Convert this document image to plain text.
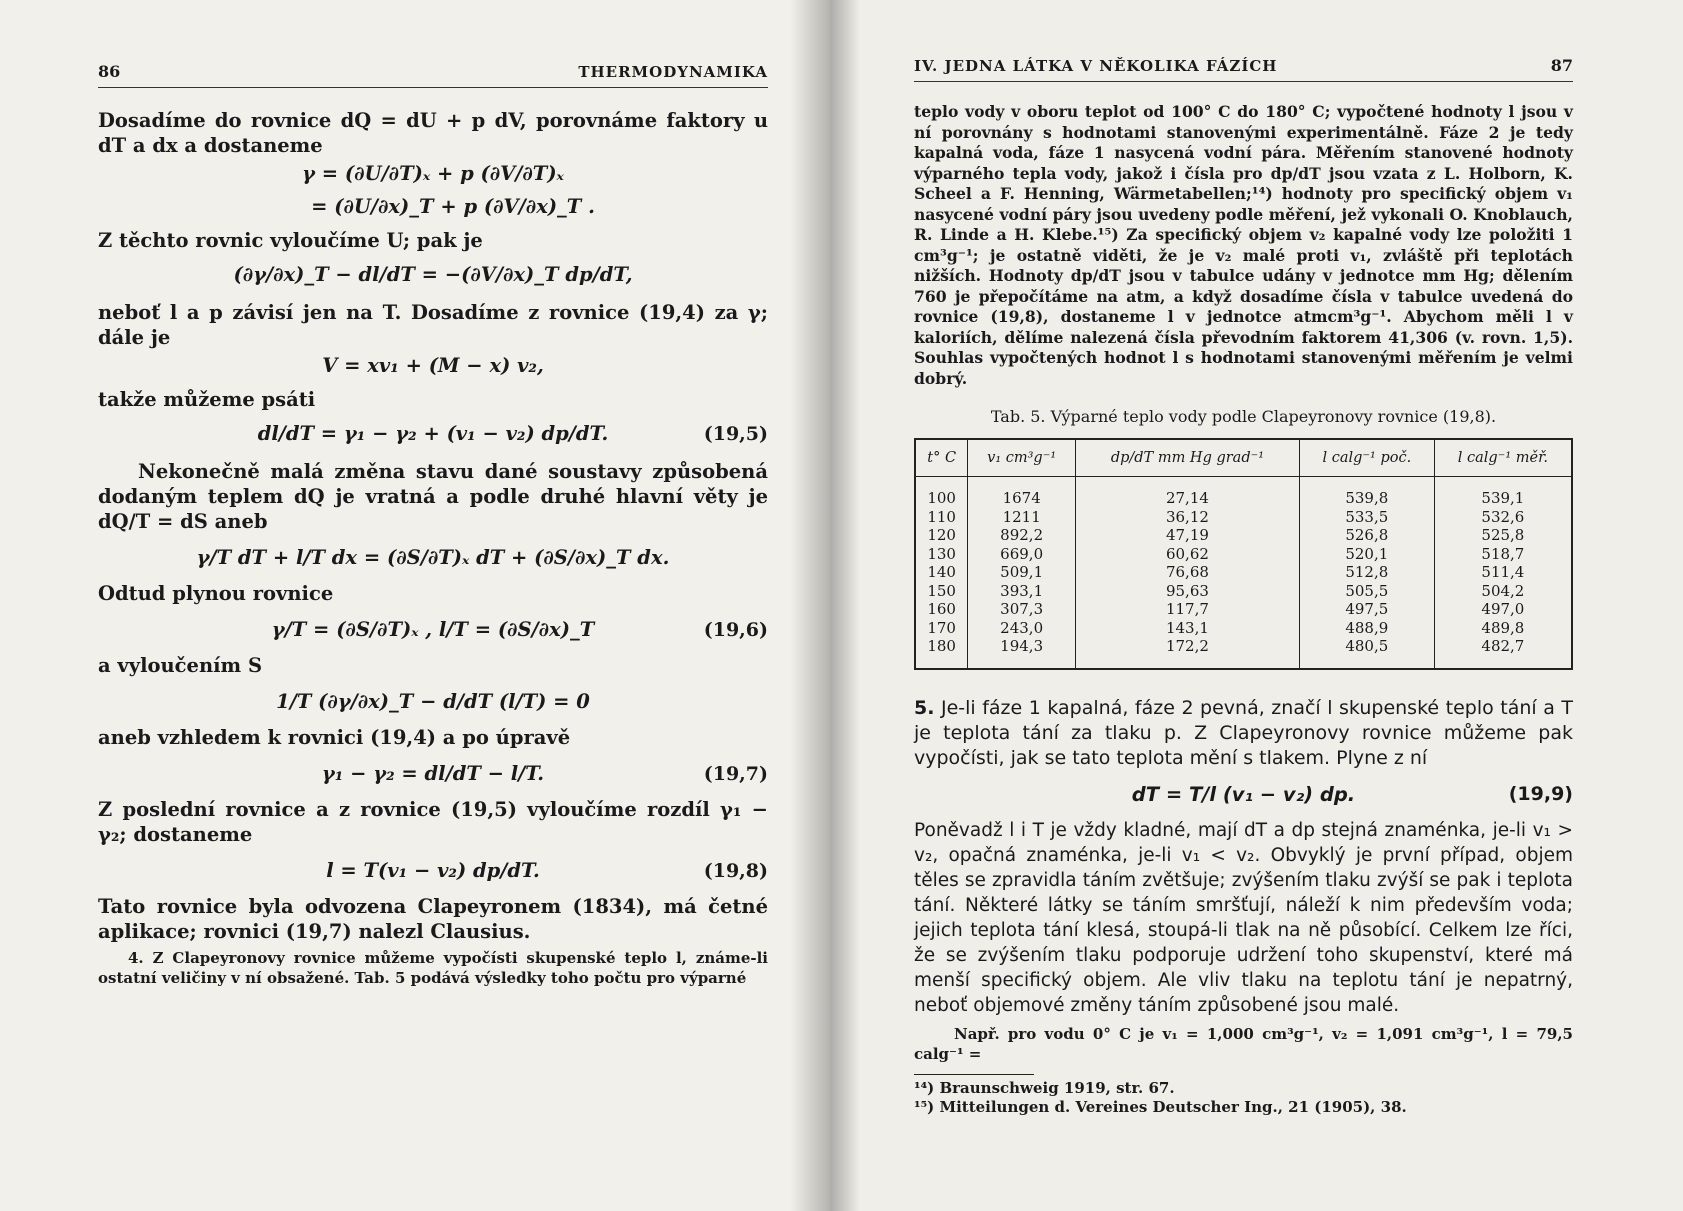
86	THERMODYNAMIKA

Dosadíme do rovnice dQ = dU + p dV, porovnáme faktory u dT a dx a dostaneme

γ = (∂U/∂T)ₓ + p (∂V/∂T)ₓ
= (∂U/∂x)_T + p (∂V/∂x)_T .

Z těchto rovnic vyloučíme U; pak je

(∂γ/∂x)_T − dl/dT = −(∂V/∂x)_T dp/dT,

neboť l a p závisí jen na T. Dosadíme z rovnice (19,4) za γ; dále je

V = xv₁ + (M − x) v₂,

takže můžeme psáti

dl/dT = γ₁ − γ₂ + (v₁ − v₂) dp/dT.	(19,5)

Nekonečně malá změna stavu dané soustavy způsobená dodaným teplem dQ je vratná a podle druhé hlavní věty je dQ/T = dS aneb

γ/T dT + l/T dx = (∂S/∂T)ₓ dT + (∂S/∂x)_T dx.

Odtud plynou rovnice

γ/T = (∂S/∂T)ₓ , l/T = (∂S/∂x)_T	(19,6)

a vyloučením S

1/T (∂γ/∂x)_T − d/dT (l/T) = 0

aneb vzhledem k rovnici (19,4) a po úpravě

γ₁ − γ₂ = dl/dT − l/T.	(19,7)

Z poslední rovnice a z rovnice (19,5) vyloučíme rozdíl γ₁ − γ₂; dostaneme

l = T(v₁ − v₂) dp/dT.	(19,8)

Tato rovnice byla odvozena Clapeyronem (1834), má četné aplikace; rovnici (19,7) nalezl Clausius.

4. Z Clapeyronovy rovnice můžeme vypočísti skupenské teplo l, známe-li ostatní veličiny v ní obsažené. Tab. 5 podává výsledky toho počtu pro výparné

IV. JEDNA LÁTKA V NĚKOLIKA FÁZÍCH	87

teplo vody v oboru teplot od 100° C do 180° C; vypočtené hodnoty l jsou v ní porovnány s hodnotami stanovenými experimentálně. Fáze 2 je tedy kapalná voda, fáze 1 nasycená vodní pára. Měřením stanovené hodnoty výparného tepla vody, jakož i čísla pro dp/dT jsou vzata z L. Holborn, K. Scheel a F. Henning, Wärmetabellen;¹⁴) hodnoty pro specifický objem v₁ nasycené vodní páry jsou uvedeny podle měření, jež vykonali O. Knoblauch, R. Linde a H. Klebe.¹⁵) Za specifický objem v₂ kapalné vody lze položiti 1 cm³g⁻¹; je ostatně viděti, že je v₂ malé proti v₁, zvláště při teplotách nižších. Hodnoty dp/dT jsou v tabulce udány v jednotce mm Hg; dělením 760 je přepočítáme na atm, a když dosadíme čísla v tabulce uvedená do rovnice (19,8), dostaneme l v jednotce atmcm³g⁻¹. Abychom měli l v kaloriích, dělíme nalezená čísla převodním faktorem 41,306 (v. rovn. 1,5). Souhlas vypočtených hodnot l s hodnotami stanovenými měřením je velmi dobrý.

Tab. 5. Výparné teplo vody podle Clapeyronovy rovnice (19,8).
t° C	v₁ cm³g⁻¹	dp/dT mm Hg grad⁻¹	l calg⁻¹ poč.	l calg⁻¹ měř.
100	1674	27,14	539,8	539,1
110	1211	36,12	533,5	532,6
120	892,2	47,19	526,8	525,8
130	669,0	60,62	520,1	518,7
140	509,1	76,68	512,8	511,4
150	393,1	95,63	505,5	504,2
160	307,3	117,7	497,5	497,0
170	243,0	143,1	488,9	489,8
180	194,3	172,2	480,5	482,7

5. Je-li fáze 1 kapalná, fáze 2 pevná, značí l skupenské teplo tání a T je teplota tání za tlaku p. Z Clapeyronovy rovnice můžeme pak vypočísti, jak se tato teplota mění s tlakem. Plyne z ní

dT = T/l (v₁ − v₂) dp.	(19,9)

Poněvadž l i T je vždy kladné, mají dT a dp stejná znaménka, je-li v₁ > v₂, opačná znaménka, je-li v₁ < v₂. Obvyklý je první případ, objem těles se zpravidla táním zvětšuje; zvýšením tlaku zvýší se pak i teplota tání. Některé látky se táním smršťují, náleží k nim především voda; jejich teplota tání klesá, stoupá-li tlak na ně působící. Celkem lze říci, že se zvýšením tlaku podporuje udržení toho skupenství, které má menší specifický objem. Ale vliv tlaku na teplotu tání je nepatrný, neboť objemové změny táním způsobené jsou malé.

Např. pro vodu 0° C je v₁ = 1,000 cm³g⁻¹, v₂ = 1,091 cm³g⁻¹, l = 79,5 calg⁻¹ =

¹⁴) Braunschweig 1919, str. 67.

¹⁵) Mitteilungen d. Vereines Deutscher Ing., 21 (1905), 38.
